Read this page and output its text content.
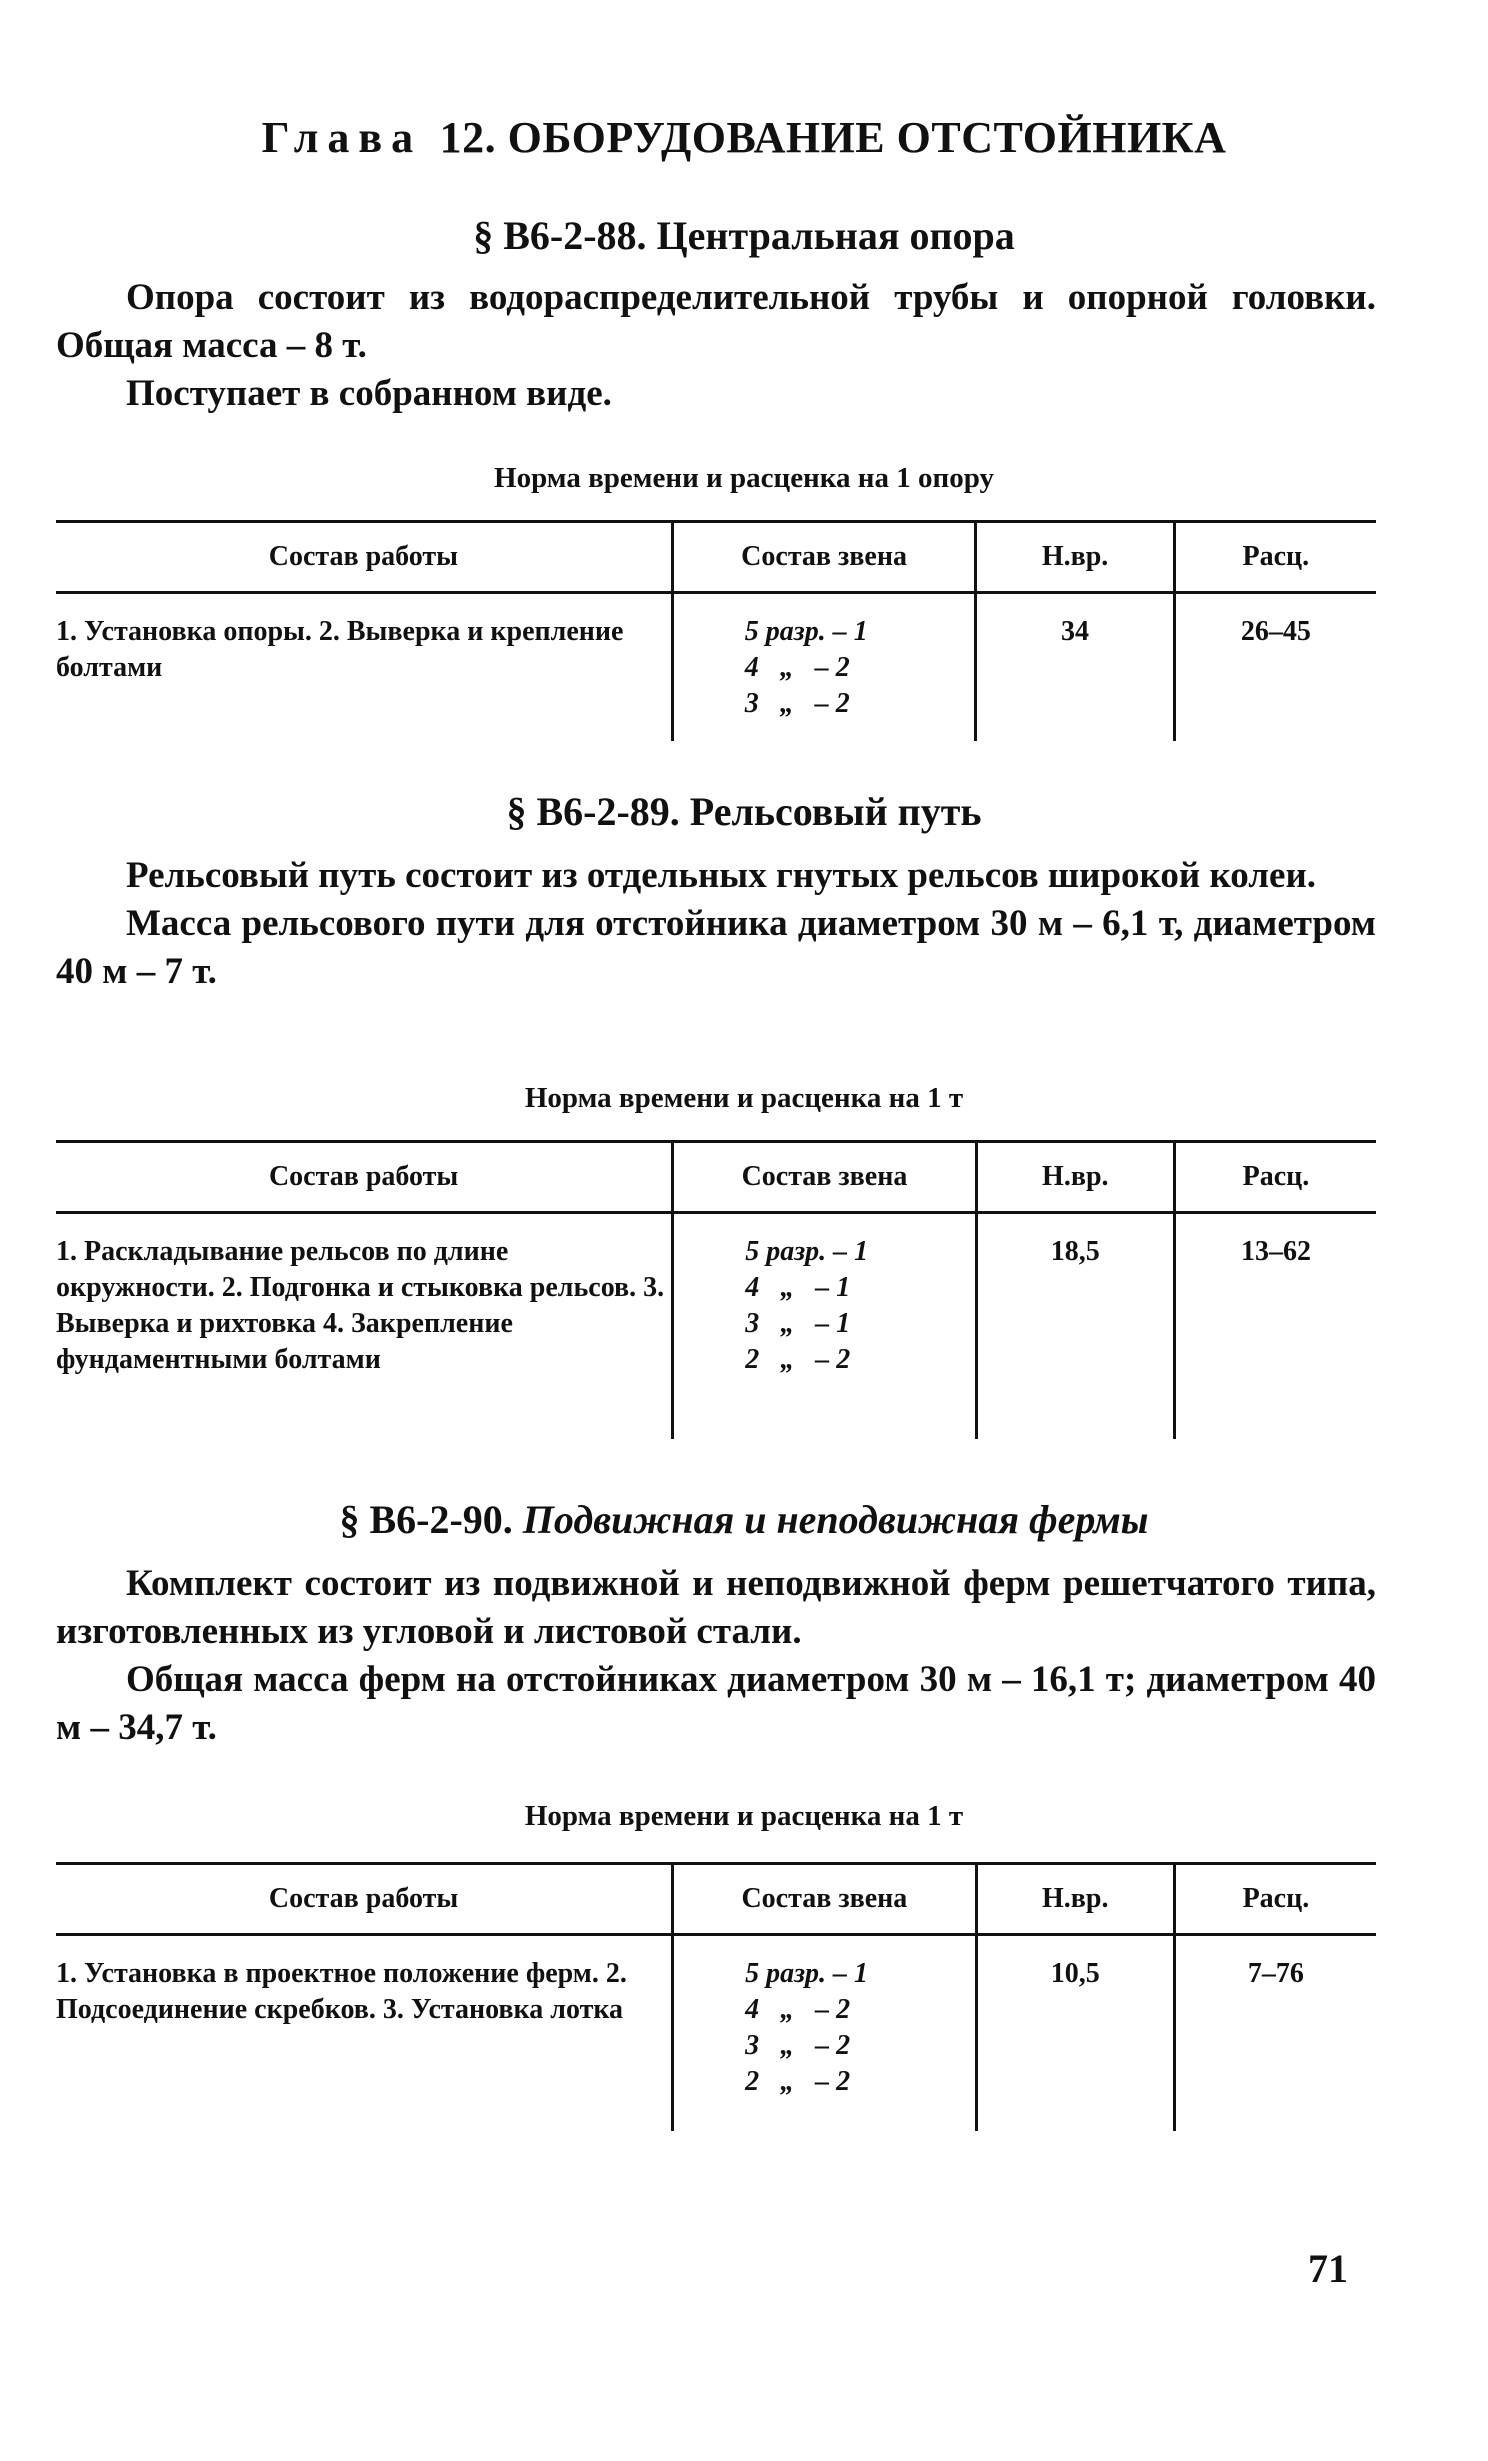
Глава 12. ОБОРУДОВАНИЕ ОТСТОЙНИКА
§ В6-2-88. Центральная опора

Опора состоит из водораспределительной трубы и опорной головки. Общая масса – 8 т.

Поступает в собранном виде.

Норма времени и расценка на 1 опору
Состав работы	Состав звена	Н.вр.	Расц.
1. Установка опоры. 2. Выверка и крепление болтами	5 разр. – 1
4   „   – 2
3   „   – 2	34	26–45
§ В6-2-89. Рельсовый путь

Рельсовый путь состоит из отдельных гнутых рельсов широкой колеи.

Масса рельсового пути для отстойника диаметром 30 м – 6,1 т, диаметром 40 м – 7 т.

Норма времени и расценка на 1 т
Состав работы	Состав звена	Н.вр.	Расц.
1. Раскладывание рельсов по длине окружности. 2. Подгонка и стыковка рельсов. 3. Выверка и рихтовка 4. Закрепление фундаментными болтами	5 разр. – 1
4   „   – 1
3   „   – 1
2   „   – 2	18,5	13–62
§ В6-2-90. Подвижная и неподвижная фермы

Комплект состоит из подвижной и неподвижной ферм решетчатого типа, изготовленных из угловой и листовой стали.

Общая масса ферм на отстойниках диаметром 30 м – 16,1 т; диаметром 40 м – 34,7 т.

Норма времени и расценка на 1 т
Состав работы	Состав звена	Н.вр.	Расц.
1. Установка в проектное положение ферм. 2. Подсоединение скребков. 3. Установка лотка	5 разр. – 1
4   „   – 2
3   „   – 2
2   „   – 2	10,5	7–76
71
